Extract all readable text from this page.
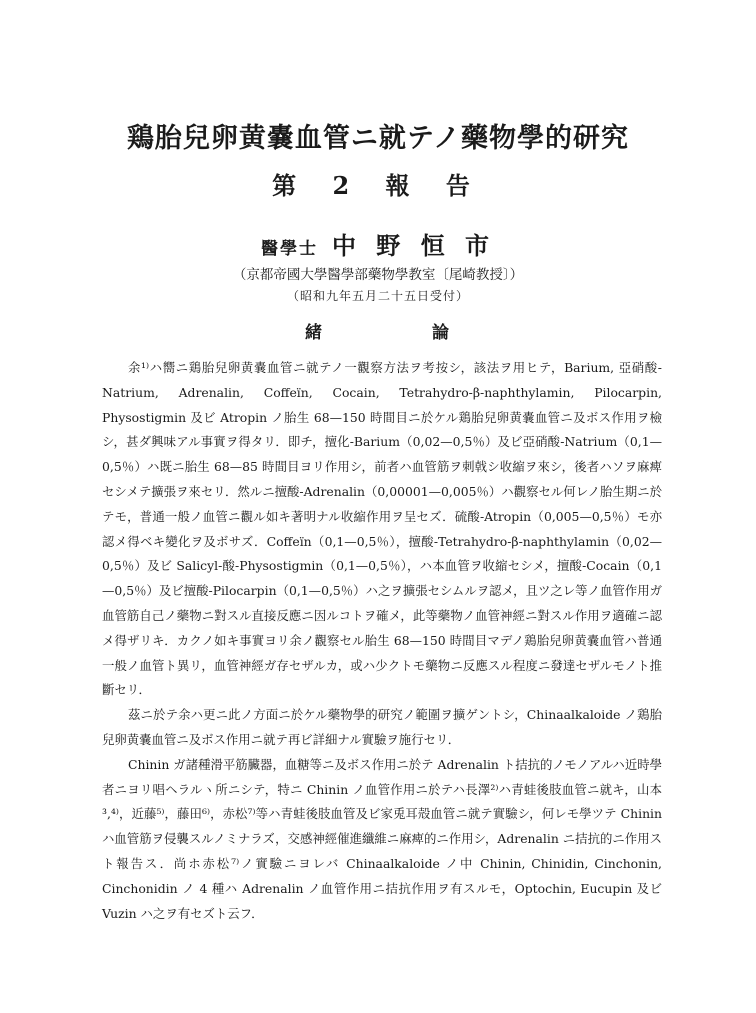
鶏胎兒卵黄嚢血管ニ就テノ藥物學的研究
第 2 報 告
醫學士 中 野 恒 市
（京都帝國大學醫學部藥物學教室〔尾崎教授〕）
（昭和九年五月二十五日受付）
緒 論

余¹⁾ハ嚮ニ鶏胎兒卵黄嚢血管ニ就テノ一觀察方法ヲ考按シ，該法ヲ用ヒテ，Barium, 亞硝酸-Natrium, Adrenalin, Coffeïn, Cocain, Tetrahydro-β-naphthylamin, Pilocarpin, Physostigmin 及ビ Atropin ノ胎生 68—150 時間目ニ於ケル鶏胎兒卵黄嚢血管ニ及ボス作用ヲ檢シ，甚ダ興味アル事實ヲ得タリ．即チ，擅化-Barium（0,02—0,5％）及ビ亞硝酸-Natrium（0,1—0,5％）ハ既ニ胎生 68—85 時間目ヨリ作用シ，前者ハ血管筋ヲ刺戟シ收縮ヲ來シ，後者ハソヲ麻痺セシメテ擴張ヲ來セリ．然ルニ擅酸-Adrenalin（0,00001—0,005％）ハ觀察セル何レノ胎生期ニ於テモ，普通一般ノ血管ニ觀ル如キ著明ナル收縮作用ヲ呈セズ．硫酸-Atropin（0,005—0,5％）モ亦認メ得ベキ變化ヲ及ボサズ．Coffeïn（0,1—0,5％），擅酸-Tetrahydro-β-naphthylamin（0,02—0,5％）及ビ Salicyl-酸-Physostigmin（0,1—0,5％），ハ本血管ヲ收縮セシメ，擅酸-Cocain（0,1—0,5％）及ビ擅酸-Pilocarpin（0,1—0,5％）ハ之ヲ擴張セシムルヲ認メ，且ツ之レ等ノ血管作用ガ血管筋自己ノ藥物ニ對スル直接反應ニ因ルコトヲ確メ，此等藥物ノ血管神經ニ對スル作用ヲ適確ニ認メ得ザリキ．カクノ如キ事實ヨリ余ノ觀察セル胎生 68—150 時間目マデノ鶏胎兒卵黄嚢血管ハ普通一般ノ血管ト異リ，血管神經ガ存セザルカ，或ハ少クトモ藥物ニ反應スル程度ニ發達セザルモノト推斷セリ．

茲ニ於テ余ハ更ニ此ノ方面ニ於ケル藥物學的研究ノ範圍ヲ擴ゲントシ，Chinaalkaloide ノ鶏胎兒卵黄嚢血管ニ及ボス作用ニ就テ再ビ詳細ナル實驗ヲ施行セリ．

Chinin ガ諸種滑平筋臟器，血糖等ニ及ボス作用ニ於テ Adrenalin ト拮抗的ノモノアルハ近時學者ニヨリ唱ヘラルヽ所ニシテ，特ニ Chinin ノ血管作用ニ於テハ長澤²⁾ハ青蛙後肢血管ニ就キ，山本³,⁴⁾，近藤⁵⁾，藤田⁶⁾，赤松⁷⁾等ハ青蛙後肢血管及ビ家兎耳殻血管ニ就テ實驗シ，何レモ學ツテ Chinin ハ血管筋ヲ侵襲スルノミナラズ，交感神經催進纖維ニ麻痺的ニ作用シ，Adrenalin ニ拮抗的ニ作用スト報告ス．尚ホ赤松⁷⁾ノ實驗ニヨレバ Chinaalkaloide ノ中 Chinin, Chinidin, Cinchonin, Cinchonidin ノ 4 種ハ Adrenalin ノ血管作用ニ拮抗作用ヲ有スルモ，Optochin, Eucupin 及ビ Vuzin ハ之ヲ有セズト云フ．
